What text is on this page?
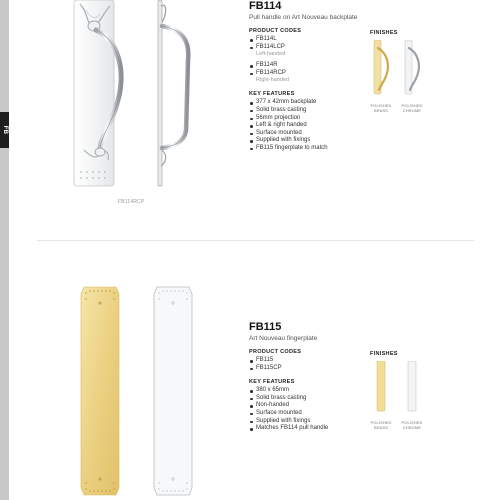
FB
FB114RCP
FB114
Pull handle on Art Nouveau backplate
PRODUCT CODES
FB114L
FB114LCP
Left-handed
FB114R
FB114RCP
Right-handed
KEY FEATURES
377 x 42mm backplate
Solid brass casting
56mm projection
Left & right handed
Surface mounted
Supplied with fixings
FB115 fingerplate to match
FINISHES
POLISHED
BRASS
POLISHED
CHROME
FB115
Art Nouveau fingerplate
PRODUCT CODES
FB115
FB115CP
KEY FEATURES
380 x 65mm
Solid brass casting
Non-handed
Surface mounted
Supplied with fixings
Matches FB114 pull handle
FINISHES
POLISHED
BRASS
POLISHED
CHROME
